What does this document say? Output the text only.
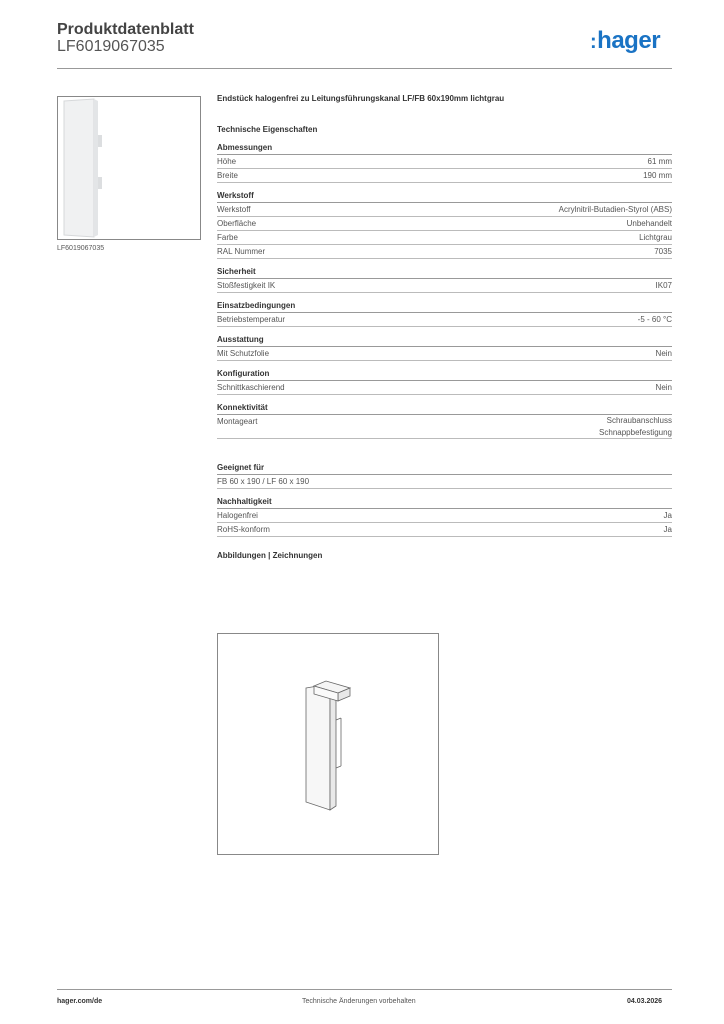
Produktdatenblatt
LF6019067035	:hager
LF6019067035
Endstück halogenfrei zu Leitungsführungskanal LF/FB 60x190mm lichtgrau
Technische Eigenschaften
Abmessungen
Höhe	61 mm
Breite	190 mm
Werkstoff
Werkstoff	Acrylnitril-Butadien-Styrol (ABS)
Oberfläche	Unbehandelt
Farbe	Lichtgrau
RAL Nummer	7035
Sicherheit
Stoßfestigkeit IK	IK07
Einsatzbedingungen
Betriebstemperatur	-5 - 60 °C
Ausstattung
Mit Schutzfolie	Nein
Konfiguration
Schnittkaschierend	Nein
Konnektivität
Montageart	Schraubanschluss
Schnappbefestigung
Geeignet für
FB 60 x 190 / LF 60 x 190
Nachhaltigkeit
Halogenfrei	Ja
RoHS-konform	Ja
Abbildungen | Zeichnungen
hager.com/de	Technische Änderungen vorbehalten	04.03.2026
